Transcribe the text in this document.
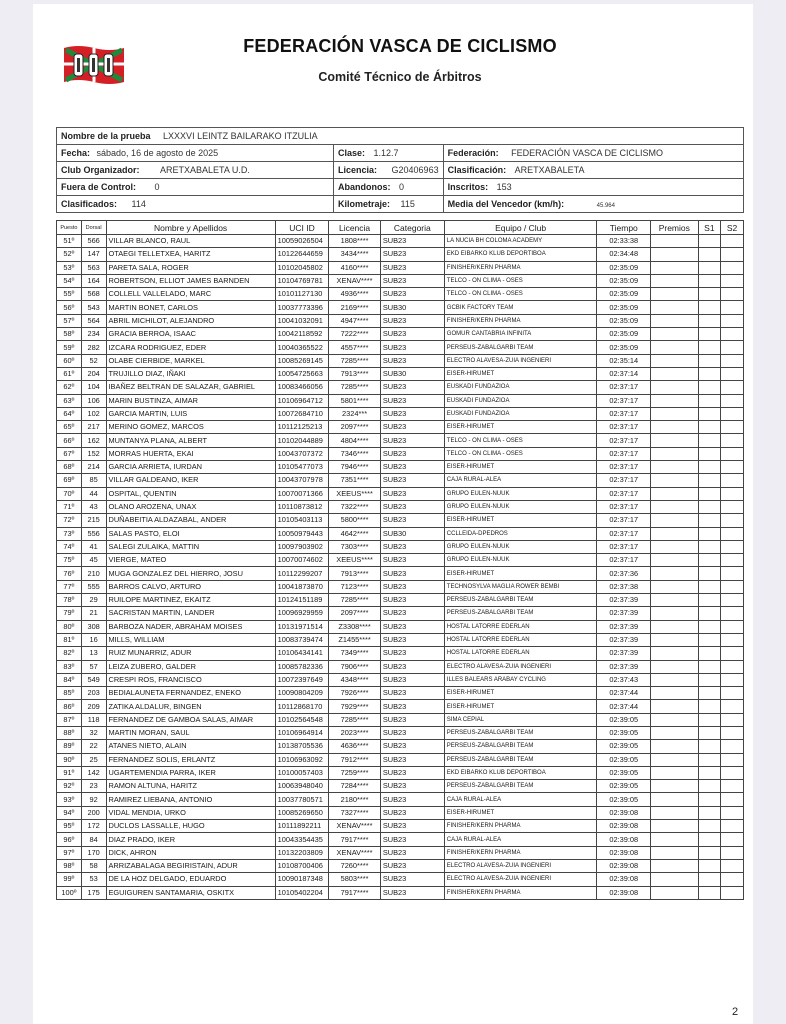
FEDERACIÓN VASCA DE CICLISMO
Comité Técnico de Árbitros
Nombre de la prueba LXXXVI LEINTZ BAILARAKO ITZULIA		
Fecha: sábado, 16 de agosto de 2025	Clase: 1.12.7	Federación: FEDERACIÓN VASCA DE CICLISMO
Club Organizador: ARETXABALETA U.D.	Licencia: G20406963	Clasificación: ARETXABALETA
Fuera de Control: 0	Abandonos: 0	Inscritos: 153
Clasificados: 114	Kilometraje: 115	Media del Vencedor (km/h): 45.964
Puesto	Dorsal	Nombre y Apellidos	UCI ID	Licencia	Categoria	Equipo / Club	Tiempo	Premios	S1	S2
51º	566	VILLAR BLANCO, RAUL	10059026504	1808****	SUB23	LA NUCIA BH COLOMA ACADEMY	02:33:38			
52º	147	OTAEGI TELLETXEA, HARITZ	10122644659	3434****	SUB23	EKD EIBARKO KLUB DEPORTIBOA	02:34:48			
53º	563	PARETA SALA, ROGER	10102045802	4160****	SUB23	FINISHER/KERN PHARMA	02:35:09			
54º	164	ROBERTSON, ELLIOT JAMES BARNDEN	10104769781	XENAV****	SUB23	TELCO - ON CLIMA - OSES	02:35:09			
55º	568	COLLELL VALLELADO, MARC	10101127130	4936****	SUB23	TELCO - ON CLIMA - OSES	02:35:09			
56º	543	MARTIN BONET, CARLOS	10037773396	2169****	SUB30	GCBIK FACTORY TEAM	02:35:09			
57º	564	ABRIL MICHILOT, ALEJANDRO	10041032091	4947****	SUB23	FINISHER/KERN PHARMA	02:35:09			
58º	234	GRACIA BERROA, ISAAC	10042118592	7222****	SUB23	GOMUR CANTABRIA INFINITA	02:35:09			
59º	282	IZCARA RODRIGUEZ, EDER	10040365522	4557****	SUB23	PERSEUS-ZABALGARBI TEAM	02:35:09			
60º	52	OLABE CIERBIDE, MARKEL	10085269145	7285****	SUB23	ELECTRO ALAVESA-ZUIA INGENIERI	02:35:14			
61º	204	TRUJILLO DIAZ, IÑAKI	10054725663	7913****	SUB30	EISER-HIRUMET	02:37:14			
62º	104	IBAÑEZ BELTRAN DE SALAZAR, GABRIEL	10083466056	7285****	SUB23	EUSKADI FUNDAZIOA	02:37:17			
63º	106	MARIN BUSTINZA, AIMAR	10106964712	5801****	SUB23	EUSKADI FUNDAZIOA	02:37:17			
64º	102	GARCIA MARTIN, LUIS	10072684710	2324***	SUB23	EUSKADI FUNDAZIOA	02:37:17			
65º	217	MERINO GOMEZ, MARCOS	10112125213	2097****	SUB23	EISER-HIRUMET	02:37:17			
66º	162	MUNTANYA PLANA, ALBERT	10102044889	4804****	SUB23	TELCO - ON CLIMA - OSES	02:37:17			
67º	152	MORRAS HUERTA, EKAI	10043707372	7346****	SUB23	TELCO - ON CLIMA - OSES	02:37:17			
68º	214	GARCIA ARRIETA, IURDAN	10105477073	7946****	SUB23	EISER-HIRUMET	02:37:17			
69º	85	VILLAR GALDEANO, IKER	10043707978	7351****	SUB23	CAJA RURAL-ALEA	02:37:17			
70º	44	OSPITAL, QUENTIN	10070071366	XEEUS****	SUB23	GRUPO EULEN-NUUK	02:37:17			
71º	43	OLANO AROZENA, UNAX	10110873812	7322****	SUB23	GRUPO EULEN-NUUK	02:37:17			
72º	215	DUÑABEITIA ALDAZABAL, ANDER	10105403113	5800****	SUB23	EISER-HIRUMET	02:37:17			
73º	556	SALAS PASTO, ELOI	10050979443	4642****	SUB30	CCLLEIDA-DPEDROS	02:37:17			
74º	41	SALEGI ZULAIKA, MATTIN	10097903902	7303****	SUB23	GRUPO EULEN-NUUK	02:37:17			
75º	45	VIERGE, MATEO	10070074602	XEEUS****	SUB23	GRUPO EULEN-NUUK	02:37:17			
76º	210	MUGA GONZALEZ DEL HIERRO, JOSU	10112299207	7913****	SUB23	EISER-HIRUMET	02:37:36			
77º	555	BARROS CALVO, ARTURO	10041873870	7123****	SUB23	TECHNOSYLVA MAGLIA ROWER BEMBI	02:37:38			
78º	29	RUILOPE MARTINEZ, EKAITZ	10124151189	7285****	SUB23	PERSEUS-ZABALGARBI TEAM	02:37:39			
79º	21	SACRISTAN MARTIN, LANDER	10096929959	2097****	SUB23	PERSEUS-ZABALGARBI TEAM	02:37:39			
80º	308	BARBOZA NADER, ABRAHAM MOISES	10131971514	Z3308****	SUB23	HOSTAL LATORRE EDERLAN	02:37:39			
81º	16	MILLS, WILLIAM	10083739474	Z1455****	SUB23	HOSTAL LATORRE EDERLAN	02:37:39			
82º	13	RUIZ MUNARRIZ, ADUR	10106434141	7349****	SUB23	HOSTAL LATORRE EDERLAN	02:37:39			
83º	57	LEIZA ZUBERO, GALDER	10085782336	7906****	SUB23	ELECTRO ALAVESA-ZUIA INGENIERI	02:37:39			
84º	549	CRESPI ROS, FRANCISCO	10072397649	4348****	SUB23	ILLES BALEARS ARABAY CYCLING	02:37:43			
85º	203	BEDIALAUNETA FERNANDEZ, ENEKO	10090804209	7926****	SUB23	EISER-HIRUMET	02:37:44			
86º	209	ZATIKA ALDALUR, BINGEN	10112868170	7929****	SUB23	EISER-HIRUMET	02:37:44			
87º	118	FERNANDEZ DE GAMBOA SALAS, AIMAR	10102564548	7285****	SUB23	SIMA CEPIAL	02:39:05			
88º	32	MARTIN MORAN, SAUL	10106964914	2023****	SUB23	PERSEUS-ZABALGARBI TEAM	02:39:05			
89º	22	ATANES NIETO, ALAIN	10138705536	4636****	SUB23	PERSEUS-ZABALGARBI TEAM	02:39:05			
90º	25	FERNANDEZ SOLIS, ERLANTZ	10106963092	7912****	SUB23	PERSEUS-ZABALGARBI TEAM	02:39:05			
91º	142	UGARTEMENDIA PARRA, IKER	10100057403	7259****	SUB23	EKD EIBARKO KLUB DEPORTIBOA	02:39:05			
92º	23	RAMON ALTUNA, HARITZ	10063948040	7284****	SUB23	PERSEUS-ZABALGARBI TEAM	02:39:05			
93º	92	RAMIREZ LIEBANA, ANTONIO	10037780571	2180****	SUB23	CAJA RURAL-ALEA	02:39:05			
94º	200	VIDAL MENDIA, URKO	10085269650	7327****	SUB23	EISER-HIRUMET	02:39:08			
95º	172	DUCLOS LASSALLE, HUGO	10111892211	XENAV****	SUB23	FINISHER/KERN PHARMA	02:39:08			
96º	84	DIAZ PRADO, IKER	10043354435	7917****	SUB23	CAJA RURAL-ALEA	02:39:08			
97º	170	DICK, AHRON	10132203809	XENAV****	SUB23	FINISHER/KERN PHARMA	02:39:08			
98º	58	ARRIZABALAGA BEGIRISTAIN, ADUR	10108700406	7260****	SUB23	ELECTRO ALAVESA-ZUIA INGENIERI	02:39:08			
99º	53	DE LA HOZ DELGADO, EDUARDO	10090187348	5803****	SUB23	ELECTRO ALAVESA-ZUIA INGENIERI	02:39:08			
100º	175	EGUIGUREN SANTAMARIA, OSKITX	10105402204	7917****	SUB23	FINISHER/KERN PHARMA	02:39:08			
2
